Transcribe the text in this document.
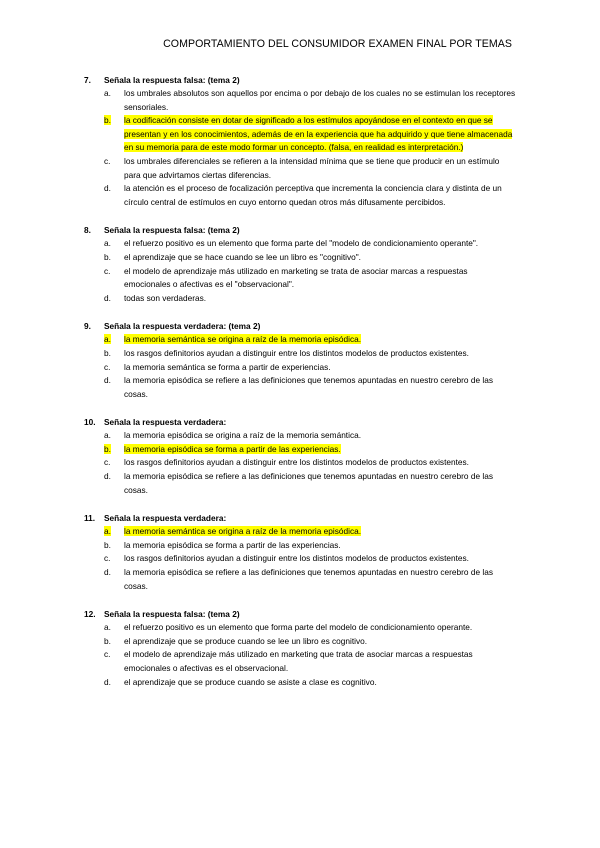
COMPORTAMIENTO DEL CONSUMIDOR EXAMEN FINAL POR TEMAS
7.	Señala la respuesta falsa: (tema 2)
a.	los umbrales absolutos son aquellos por encima o por debajo de los cuales no se estimulan los receptores sensoriales.
b.	la codificación consiste en dotar de significado a los estímulos apoyándose en el contexto en que se presentan y en los conocimientos, además de en la experiencia que ha adquirido y que tiene almacenada en su memoria para de este modo formar un concepto. (falsa, en realidad es interpretación.)
c.	los umbrales diferenciales se refieren a la intensidad mínima que se tiene que producir en un estímulo para que advirtamos ciertas diferencias.
d.	la atención es el proceso de focalización perceptiva que incrementa la conciencia clara y distinta de un círculo central de estímulos en cuyo entorno quedan otros más difusamente percibidos.
8.	Señala la respuesta falsa: (tema 2)
a.	el refuerzo positivo es un elemento que forma parte del "modelo de condicionamiento operante".
b.	el aprendizaje que se hace cuando se lee un libro es "cognitivo".
c.	el modelo de aprendizaje más utilizado en marketing se trata de asociar marcas a respuestas emocionales o afectivas es el "observacional".
d.	todas son verdaderas.
9.	Señala la respuesta verdadera: (tema 2)
a.	la memoria semántica se origina a raíz de la memoria episódica.
b.	los rasgos definitorios ayudan a distinguir entre los distintos modelos de productos existentes.
c.	la memoria semántica se forma a partir de experiencias.
d.	la memoria episódica se refiere a las definiciones que tenemos apuntadas en nuestro cerebro de las cosas.
10.	Señala la respuesta verdadera:
a.	la memoria episódica se origina a raíz de la memoria semántica.
b.	la memoria episódica se forma a partir de las experiencias.
c.	los rasgos definitorios ayudan a distinguir entre los distintos modelos de productos existentes.
d.	la memoria episódica se refiere a las definiciones que tenemos apuntadas en nuestro cerebro de las cosas.
11.	Señala la respuesta verdadera:
a.	la memoria semántica se origina a raíz de la memoria episódica.
b.	la memoria episódica se forma a partir de las experiencias.
c.	los rasgos definitorios ayudan a distinguir entre los distintos modelos de productos existentes.
d.	la memoria episódica se refiere a las definiciones que tenemos apuntadas en nuestro cerebro de las cosas.
12.	Señala la respuesta falsa: (tema 2)
a.	el refuerzo positivo es un elemento que forma parte del modelo de condicionamiento operante.
b.	el aprendizaje que se produce cuando se lee un libro es cognitivo.
c.	el modelo de aprendizaje más utilizado en marketing que trata de asociar marcas a respuestas emocionales o afectivas es el observacional.
d.	el aprendizaje que se produce cuando se asiste a clase es cognitivo.
